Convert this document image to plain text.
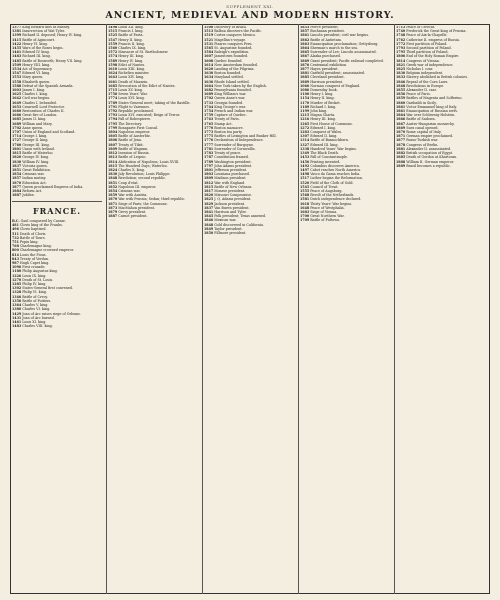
SUPPLEMENT XXI.
ANCIENT, MEDIEVAL AND MODERN HISTORY.

1377King Edward dies at Bushey.

1381Insurrection of Wat Tyler.

1399Richard II. deposed; Henry IV. king.

1415Battle of Agincourt.

1422Henry VI. king.

1455Wars of the Roses begin.

1461Edward IV. king.

1483Richard III. king.

1485Battle of Bosworth; Henry VII. king.

1509Henry VIII. king.

1534Act of Supremacy.

1547Edward VI. king.

1553Mary queen.

1558Elizabeth queen.

1588Defeat of the Spanish Armada.

1603James I. king.

1625Charles I. king.

1642Civil war begins.

1649Charles I. beheaded.

1653Cromwell Lord Protector.

1660Restoration of Charles II.

1666Great fire of London.

1685James II. king.

1689William and Mary.

1702Anne queen.

1707Union of England and Scotland.

1714George I. king.

1727George II. king.

1760George III. king.

1801Union with Ireland.

1815Battle of Waterloo.

1820George IV. king.

1830William IV. king.

1837Victoria queen.

1851Great Exhibition.

1854Crimean war.

1857Indian mutiny.

1870Education Act.

1877Queen proclaimed Empress of India.

1884Reform Act.

1887Jubilee.

FRANCE.

B.C.Gaul conquered by Caesar.

481Clovis king of the Franks.

496Clovis baptized.

511Death of Clovis.

732Battle of Tours.

751Pepin king.

768Charlemagne king.

800Charlemagne crowned emperor.

814Louis the Pious.

843Treaty of Verdun.

987Hugh Capet king.

1096First crusade.

1180Philip Augustus king.

1226Louis IX. king.

1270Death of St. Louis.

1285Philip IV. king.

1302States-General first convened.

1328Philip VI. king.

1346Battle of Crecy.

1356Battle of Poitiers.

1364Charles V. king.

1380Charles VI. king.

1429Joan of Arc raises siege of Orleans.

1431Joan of Arc burned.

1461Louis XI. king.

1483Charles VIII. king.

1498Louis XII. king.

1515Francis I. king.

1525Battle of Pavia.

1547Henry II. king.

1559Francis II. king.

1560Charles IX. king.

1572Massacre of St. Bartholomew.

1574Henry III. king.

1589Henry IV. king.

1598Edict of Nantes.

1610Louis XIII. king.

1624Richelieu minister.

1643Louis XIV. king.

1661Death of Mazarin.

1685Revocation of the Edict of Nantes.

1715Louis XV. king.

1756Seven Years' War.

1774Louis XVI. king.

1789States-General meet; taking of the Bastille.

1791Flight to Varennes.

1792Republic proclaimed.

1793Louis XVI. executed; Reign of Terror.

1794Fall of Robespierre.

1795The Directory.

1799Bonaparte First Consul.

1804Napoleon emperor.

1805Battle of Austerlitz.

1806Battle of Jena.

1807Treaty of Tilsit.

1809Battle of Wagram.

1812Invasion of Russia.

1813Battle of Leipsic.

1814Abdication of Napoleon; Louis XVIII.

1815The Hundred Days; Waterloo.

1824Charles X. king.

1830July Revolution; Louis Philippe.

1848Revolution; second republic.

1851Coup d'etat.

1852Napoleon III. emperor.

1854Crimean war.

1859War with Austria.

1870War with Prussia; Sedan; third republic.

1871Siege of Paris; the Commune.

1873MacMahon president.

1879Grevy president.

1887Carnot president.

1500Discovery of Brazil.

1513Balboa discovers the Pacific.

1519Cortez conquers Mexico.

1521Magellan's voyage.

1531Pizarro conquers Peru.

1565St. Augustine founded.

1584Raleigh's expedition.

1607Jamestown founded.

1608Quebec founded.

1614New Amsterdam founded.

1620Landing of the Pilgrims.

1630Boston founded.

1634Maryland settled.

1636Rhode Island settled.

1664New York taken by the English.

1682Pennsylvania founded.

1689King William's war.

1702Queen Anne's war.

1733Georgia founded.

1744King George's war.

1754French and Indian war.

1759Capture of Quebec.

1763Treaty of Paris.

1765Stamp Act.

1770Boston massacre.

1773Boston tea party.

1775Battles of Lexington and Bunker Hill.

1776Declaration of Independence.

1777Surrender of Burgoyne.

1781Surrender of Cornwallis.

1783Treaty of peace.

1787Constitution framed.

1789Washington president.

1797John Adams president.

1801Jefferson president.

1803Louisiana purchased.

1809Madison president.

1812War with England.

1815Battle of New Orleans.

1817Monroe president.

1820Missouri Compromise.

1825J. Q. Adams president.

1829Jackson president.

1837Van Buren president.

1841Harrison and Tyler.

1845Polk president; Texas annexed.

1846Mexican war.

1848Gold discovered in California.

1849Taylor president.

1850Fillmore president.

1853Pierce president.

1857Buchanan president.

1861Lincoln president; civil war begins.

1862Battle of Antietam.

1863Emancipation proclamation; Gettysburg.

1864Sherman's march to the sea.

1865Surrender of Lee; Lincoln assassinated.

1867Alaska purchased.

1869Grant president; Pacific railroad completed.

1876Centennial exhibition.

1877Hayes president.

1881Garfield president; assassinated.

1885Cleveland president.

1889Harrison president.

1066Norman conquest of England.

1086Domesday book.

1100Henry I. king.

1154Henry II. king.

1170Murder of Becket.

1189Richard I. king.

1199John king.

1215Magna Charta.

1216Henry III. king.

1265First House of Commons.

1272Edward I. king.

1283Conquest of Wales.

1307Edward II. king.

1314Battle of Bannockburn.

1327Edward III. king.

1338Hundred Years' War begins.

1349The Black Death.

1453Fall of Constantinople.

1456Printing invented.

1492Columbus discovers America.

1497Cabot reaches North America.

1498Vasco da Gama reaches India.

1517Luther begins the Reformation.

1520Field of the Cloth of Gold.

1545Council of Trent.

1555Peace of Augsburg.

1568Revolt of the Netherlands.

1581Dutch independence declared.

1618Thirty Years' War begins.

1648Peace of Westphalia.

1683Siege of Vienna.

1700Great Northern War.

1709Battle of Pultowa.

1713Peace of Utrecht.

1740Frederick the Great king of Prussia.

1748Peace of Aix-la-Chapelle.

1762Catherine II. empress of Russia.

1772First partition of Poland.

1793Second partition of Poland.

1795Third partition of Poland.

1806End of the Holy Roman Empire.

1814Congress of Vienna.

1821Greek war of independence.

1825Nicholas I. czar.

1830Belgium independent.

1833Slavery abolished in British colonies.

1846Repeal of the Corn Laws.

1848Revolutions in Europe.

1855Alexander II. czar.

1856Peace of Paris.

1859Battles of Magenta and Solferino.

1860Garibaldi in Sicily.

1861Victor Emmanuel king of Italy.

1861Emancipation of Russian serfs.

1864War over Schleswig-Holstein.

1866Battle of Sadowa.

1867Austro-Hungarian monarchy.

1869Suez canal opened.

1870Rome capital of Italy.

1871German empire proclaimed.

1877Russo-Turkish war.

1878Congress of Berlin.

1881Alexander II. assassinated.

1882British occupation of Egypt.

1885Death of Gordon at Khartoum.

1888William II. German emperor.

1889Brazil becomes a republic.
